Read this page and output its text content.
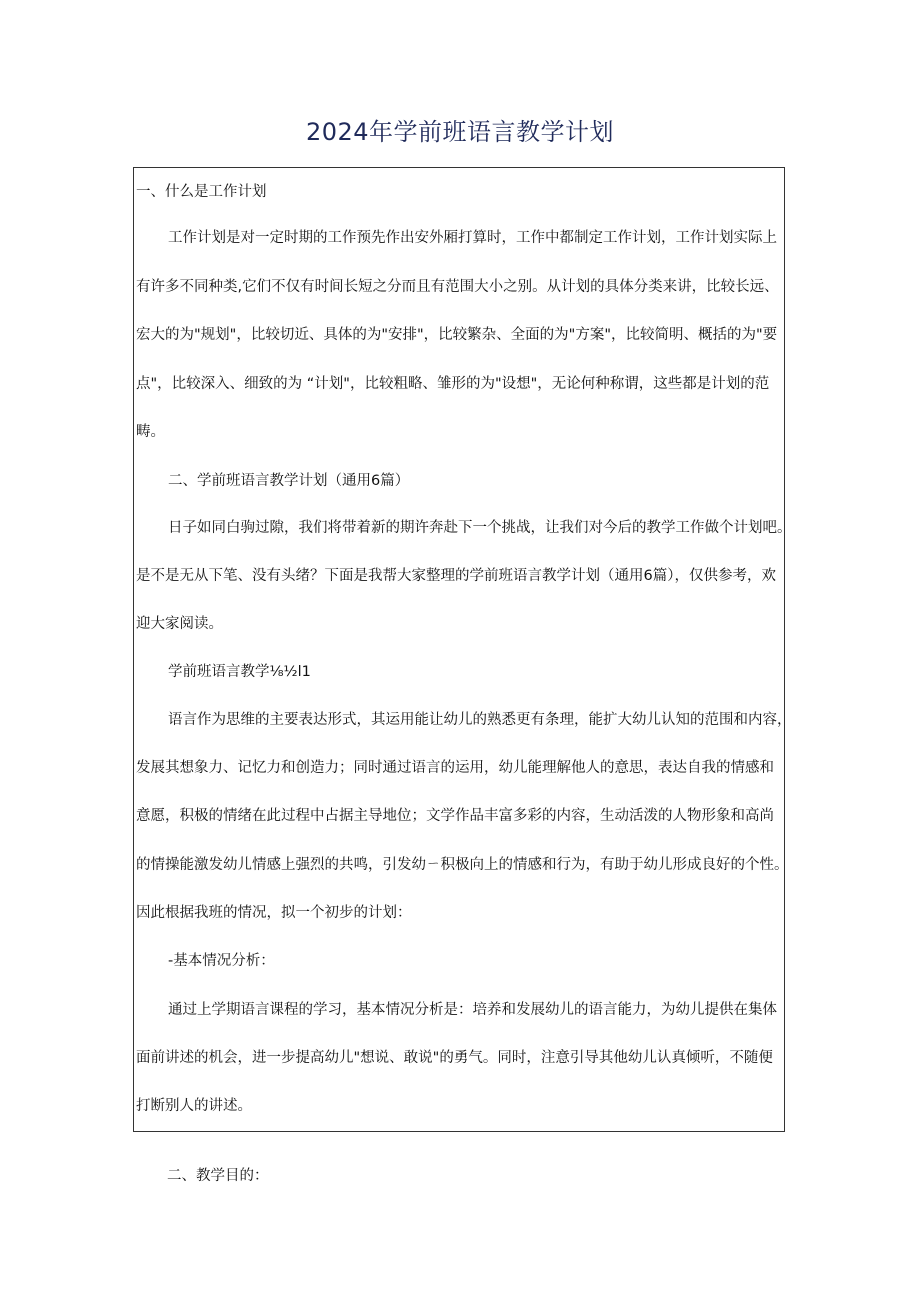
2024年学前班语言教学计划
一、什么是工作计划
工作计划是对一定时期的工作预先作出安外厢打算时，工作中都制定工作计划，工作计划实际上
有许多不同种类,它们不仅有时间长短之分而且有范围大小之别。从计划的具体分类来讲，比较长远、
宏大的为"规划"，比较切近、具体的为"安排"，比较繁杂、全面的为"方案"，比较简明、概括的为"要
点"，比较深入、细致的为 “计划"，比较粗略、雏形的为"设想"，无论何种称谓，这些都是计划的范
畴。
二、学前班语言教学计划（通用6篇）
日子如同白驹过隙，我们将带着新的期许奔赴下一个挑战，让我们对今后的教学工作做个计划吧。
是不是无从下笔、没有头绪？下面是我帮大家整理的学前班语言教学计划（通用6篇），仅供参考，欢
迎大家阅读。
学前班语言教学⅛½l1
语言作为思维的主要表达形式，其运用能让幼儿的熟悉更有条理，能扩大幼儿认知的范围和内容，
发展其想象力、记忆力和创造力；同时通过语言的运用，幼儿能理解他人的意思，表达自我的情感和
意愿，积极的情绪在此过程中占据主导地位；文学作品丰富多彩的内容，生动活泼的人物形象和高尚
的情操能激发幼儿情感上强烈的共鸣，引发幼ㄧ积极向上的情感和行为，有助于幼儿形成良好的个性。
因此根据我班的情况，拟一个初步的计划：
-基本情况分析：
通过上学期语言课程的学习，基本情况分析是：培养和发展幼儿的语言能力，为幼儿提供在集体
面前讲述的机会，进一步提高幼儿"想说、敢说"的勇气。同时，注意引导其他幼儿认真倾听，不随便
打断别人的讲述。
二、教学目的：
